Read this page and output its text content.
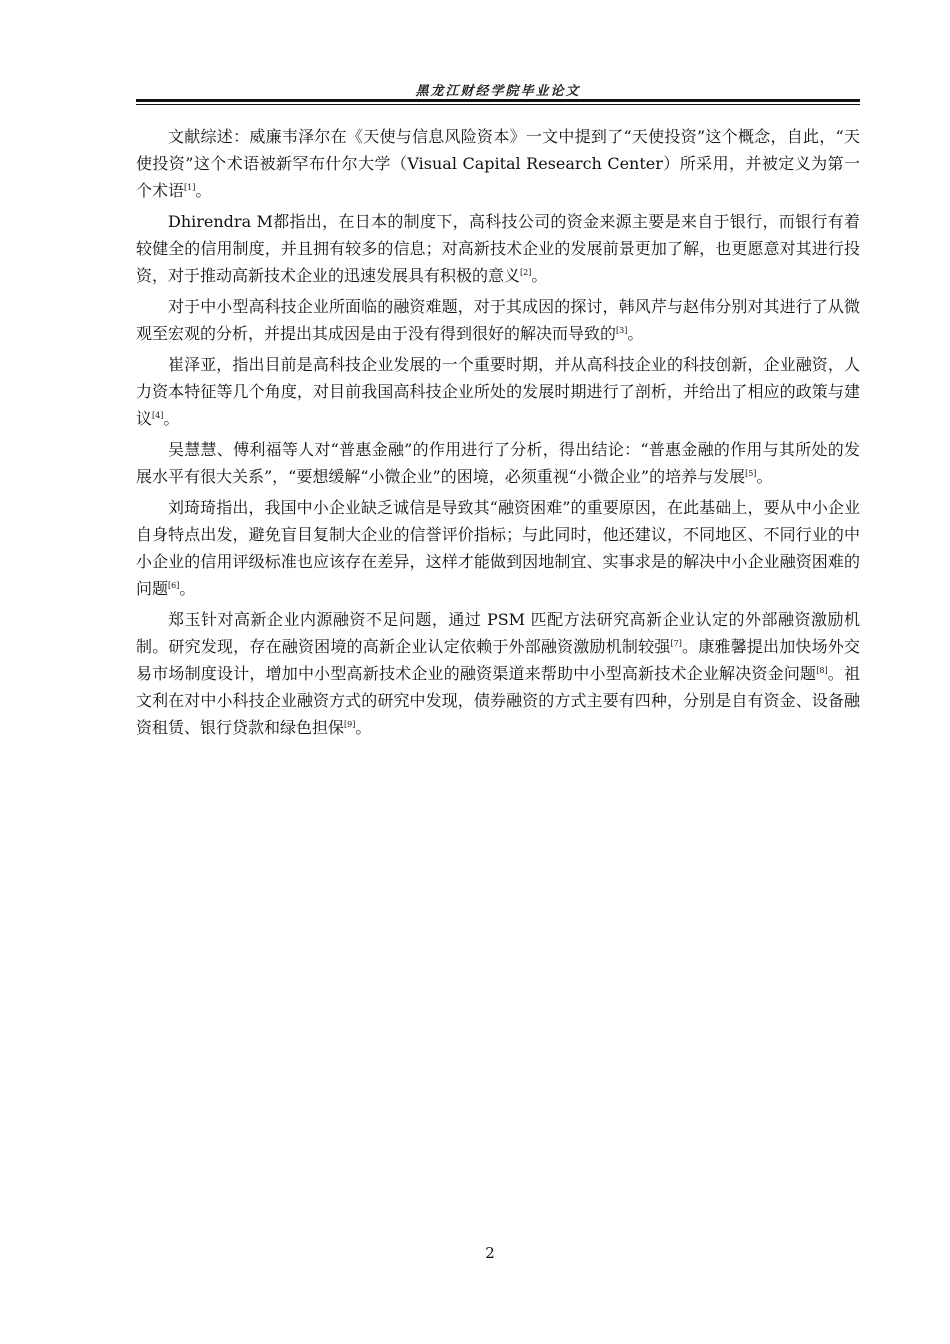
黑龙江财经学院毕业论文

文献综述：威廉韦泽尔在《天使与信息风险资本》一文中提到了“天使投资”这个概念，自此，“天使投资”这个术语被新罕布什尔大学（Visual Capital Research Center）所采用，并被定义为第一个术语[1]。

Dhirendra M都指出，在日本的制度下，高科技公司的资金来源主要是来自于银行，而银行有着较健全的信用制度，并且拥有较多的信息；对高新技术企业的发展前景更加了解，也更愿意对其进行投资，对于推动高新技术企业的迅速发展具有积极的意义[2]。

对于中小型高科技企业所面临的融资难题，对于其成因的探讨，韩风芹与赵伟分别对其进行了从微观至宏观的分析，并提出其成因是由于没有得到很好的解决而导致的[3]。

崔泽亚，指出目前是高科技企业发展的一个重要时期，并从高科技企业的科技创新，企业融资，人力资本特征等几个角度，对目前我国高科技企业所处的发展时期进行了剖析，并给出了相应的政策与建议[4]。

吴慧慧、傅利福等人对“普惠金融”的作用进行了分析，得出结论：“普惠金融的作用与其所处的发展水平有很大关系”，“要想缓解“小微企业”的困境，必须重视“小微企业”的培养与发展[5]。

刘琦琦指出，我国中小企业缺乏诚信是导致其“融资困难”的重要原因，在此基础上，要从中小企业自身特点出发，避免盲目复制大企业的信誉评价指标；与此同时，他还建议，不同地区、不同行业的中小企业的信用评级标准也应该存在差异，这样才能做到因地制宜、实事求是的解决中小企业融资困难的问题[6]。

郑玉针对高新企业内源融资不足问题，通过 PSM 匹配方法研究高新企业认定的外部融资激励机制。研究发现，存在融资困境的高新企业认定依赖于外部融资激励机制较强[7]。康雅馨提出加快场外交易市场制度设计，增加中小型高新技术企业的融资渠道来帮助中小型高新技术企业解决资金问题[8]。祖文利在对中小科技企业融资方式的研究中发现，债券融资的方式主要有四种，分别是自有资金、设备融资租赁、银行贷款和绿色担保[9]。

2
